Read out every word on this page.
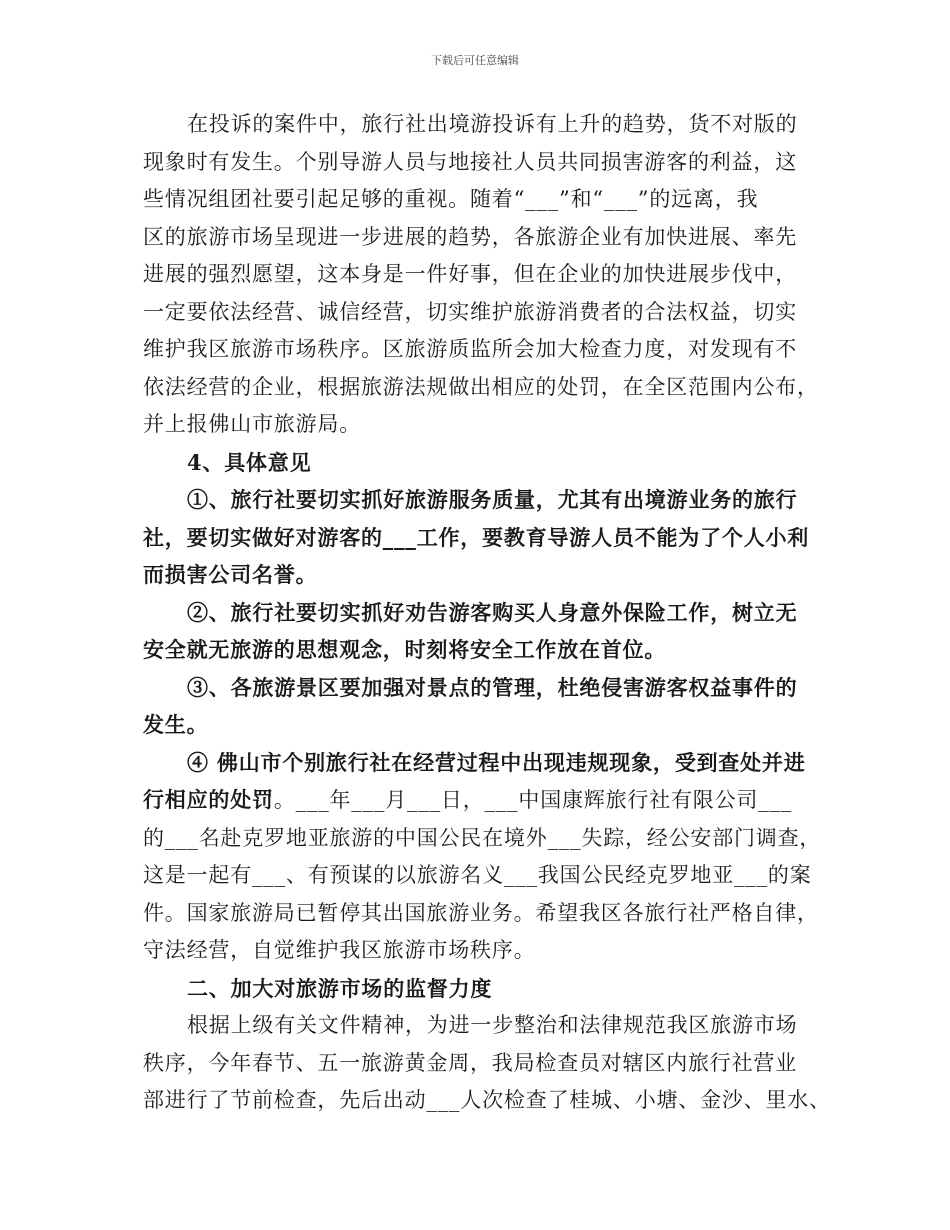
下载后可任意编辑
在投诉的案件中，旅行社出境游投诉有上升的趋势，货不对版的
现象时有发生。个别导游人员与地接社人员共同损害游客的利益，这
些情况组团社要引起足够的重视。随着“___”和“___”的远离，我
区的旅游市场呈现进一步进展的趋势，各旅游企业有加快进展、率先
进展的强烈愿望，这本身是一件好事，但在企业的加快进展步伐中，
一定要依法经营、诚信经营，切实维护旅游消费者的合法权益，切实
维护我区旅游市场秩序。区旅游质监所会加大检查力度，对发现有不
依法经营的企业，根据旅游法规做出相应的处罚，在全区范围内公布，
并上报佛山市旅游局。
4、具体意见
①、旅行社要切实抓好旅游服务质量，尤其有出境游业务的旅行
社，要切实做好对游客的___工作，要教育导游人员不能为了个人小利
而损害公司名誉。
②、旅行社要切实抓好劝告游客购买人身意外保险工作，树立无
安全就无旅游的思想观念，时刻将安全工作放在首位。
③、各旅游景区要加强对景点的管理，杜绝侵害游客权益事件的
发生。
④ 佛山市个别旅行社在经营过程中出现违规现象，受到查处并进
行相应的处罚。___年___月___日，___中国康辉旅行社有限公司___
的___名赴克罗地亚旅游的中国公民在境外___失踪，经公安部门调查，
这是一起有___、有预谋的以旅游名义___我国公民经克罗地亚___的案
件。国家旅游局已暂停其出国旅游业务。希望我区各旅行社严格自律，
守法经营，自觉维护我区旅游市场秩序。
二、加大对旅游市场的监督力度
根据上级有关文件精神，为进一步整治和法律规范我区旅游市场
秩序，今年春节、五一旅游黄金周，我局检查员对辖区内旅行社营业
部进行了节前检查，先后出动___人次检查了桂城、小塘、金沙、里水、
